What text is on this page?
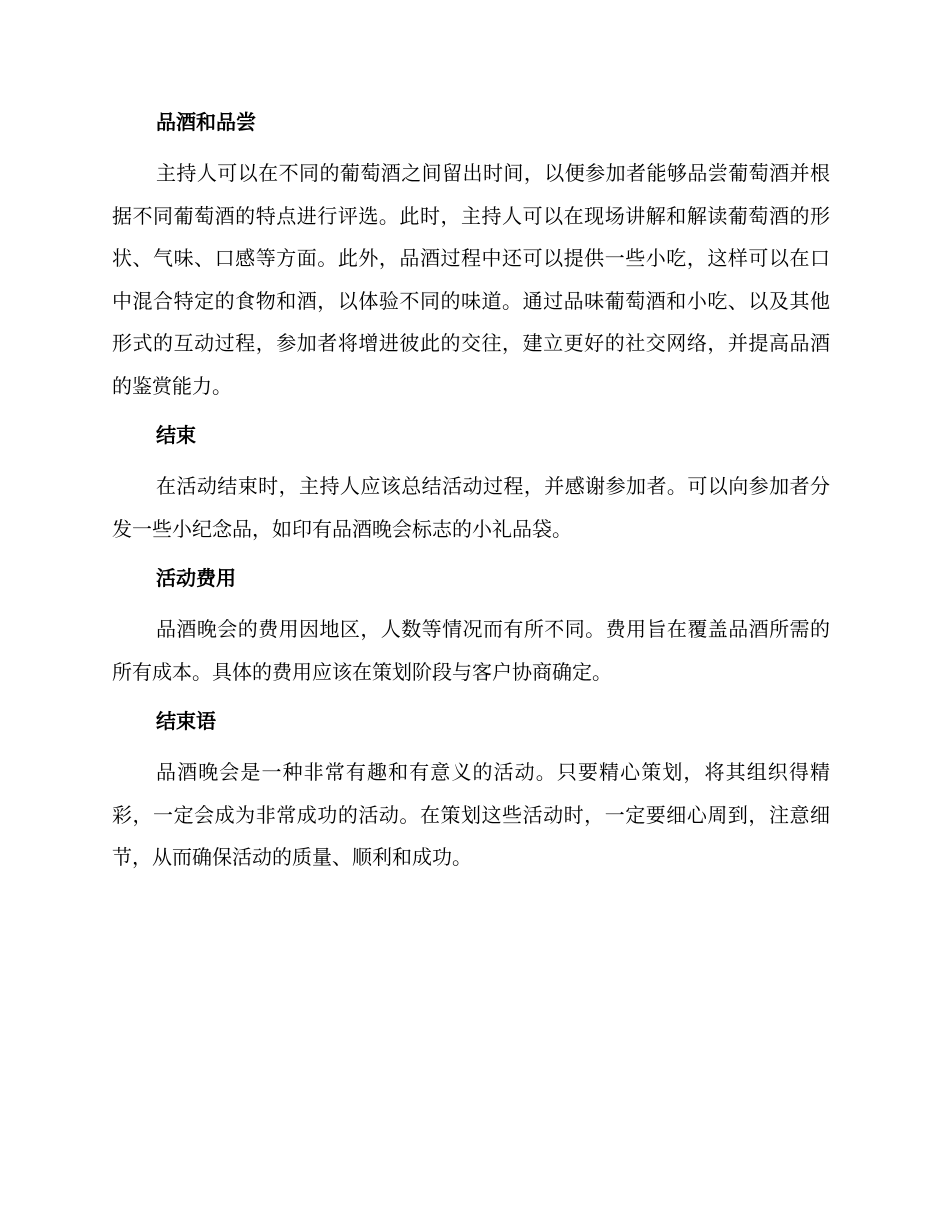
品酒和品尝

主持人可以在不同的葡萄酒之间留出时间，以便参加者能够品尝葡萄酒并根据不同葡萄酒的特点进行评选。此时，主持人可以在现场讲解和解读葡萄酒的形状、气味、口感等方面。此外，品酒过程中还可以提供一些小吃，这样可以在口中混合特定的食物和酒，以体验不同的味道。通过品味葡萄酒和小吃、以及其他形式的互动过程，参加者将增进彼此的交往，建立更好的社交网络，并提高品酒的鉴赏能力。

结束

在活动结束时，主持人应该总结活动过程，并感谢参加者。可以向参加者分发一些小纪念品，如印有品酒晚会标志的小礼品袋。

活动费用

品酒晚会的费用因地区，人数等情况而有所不同。费用旨在覆盖品酒所需的所有成本。具体的费用应该在策划阶段与客户协商确定。

结束语

品酒晚会是一种非常有趣和有意义的活动。只要精心策划，将其组织得精彩，一定会成为非常成功的活动。在策划这些活动时，一定要细心周到，注意细节，从而确保活动的质量、顺利和成功。
